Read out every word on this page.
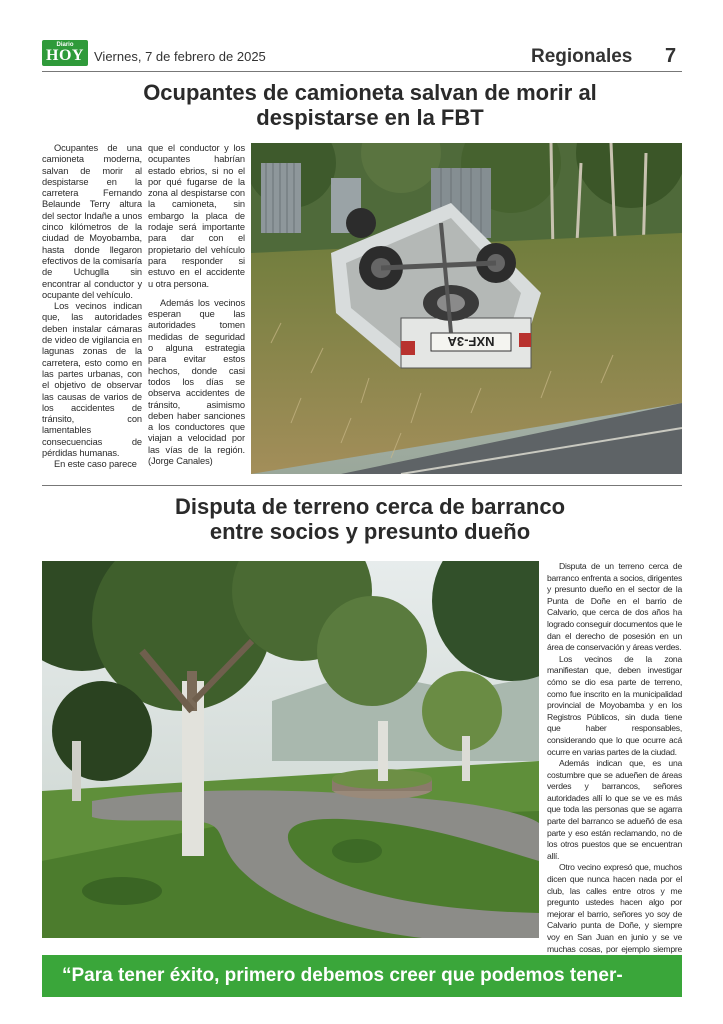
Diario
HOY Viernes, 7 de febrero de 2025	Regionales 7
Ocupantes de camioneta salvan de morir al
despistarse en la FBT

Ocupantes de una camioneta moderna, salvan de morir al despistarse en la carretera Fernando Belaunde Terry altura del sector Indañe a unos cinco kilómetros de la ciudad de Moyobamba, hasta donde llegaron efectivos de la comisaría de Uchuglla sin encontrar al conductor y ocupante del vehículo.

Los vecinos indican que, las autoridades deben instalar cámaras de video de vigilancia en lagunas zonas de la carretera, esto como en las partes urbanas, con el objetivo de observar las causas de varios de los accidentes de tránsito, con lamentables consecuencias de pérdidas humanas.

En este caso parece

que el conductor y los ocupantes habrían estado ebrios, si no el por qué fugarse de la zona al despistarse con la camioneta, sin embargo la placa de rodaje será importante para dar con el propietario del vehículo para responder si estuvo en el accidente u otra persona.

Además los vecinos esperan que las autoridades tomen medidas de seguridad o alguna estrategia para evitar estos hechos, donde casi todos los días se observa accidentes de tránsito, asimismo deben haber sanciones a los conductores que viajan a velocidad por las vías de la región. (Jorge Canales)

NXF-3A
Disputa de terreno cerca de barranco
entre socios y presunto dueño

Disputa de un terreno cerca de barranco enfrenta a socios, dirigentes y presunto dueño en el sector de la Punta de Doñe en el barrio de Calvario, que cerca de dos años ha logrado conseguir documentos que le dan el derecho de posesión en un área de conservación y áreas verdes.

Los vecinos de la zona manifiestan que, deben investigar cómo se dio esa parte de terreno, como fue inscrito en la municipalidad provincial de Moyobamba y en los Registros Públicos, sin duda tiene que haber responsables, considerando que lo que ocurre acá ocurre en varias partes de la ciudad.

Además indican que, es una costumbre que se adueñen de áreas verdes y barrancos, señores autoridades allí lo que se ve es más que toda las personas que se agarra parte del barranco se adueñó de esa parte y eso están reclamando, no de los otros puestos que se encuentran allí.

Otro vecino expresó que, muchos dicen que nunca hacen nada por el club, las calles entre otros y me pregunto ustedes hacen algo por mejorar el barrio, señores yo soy de Calvario punta de Doñe, y siempre voy en San Juan en junio y se ve muchas cosas, por ejemplo siempre

“Para tener éxito, primero debemos creer que podemos tener-
